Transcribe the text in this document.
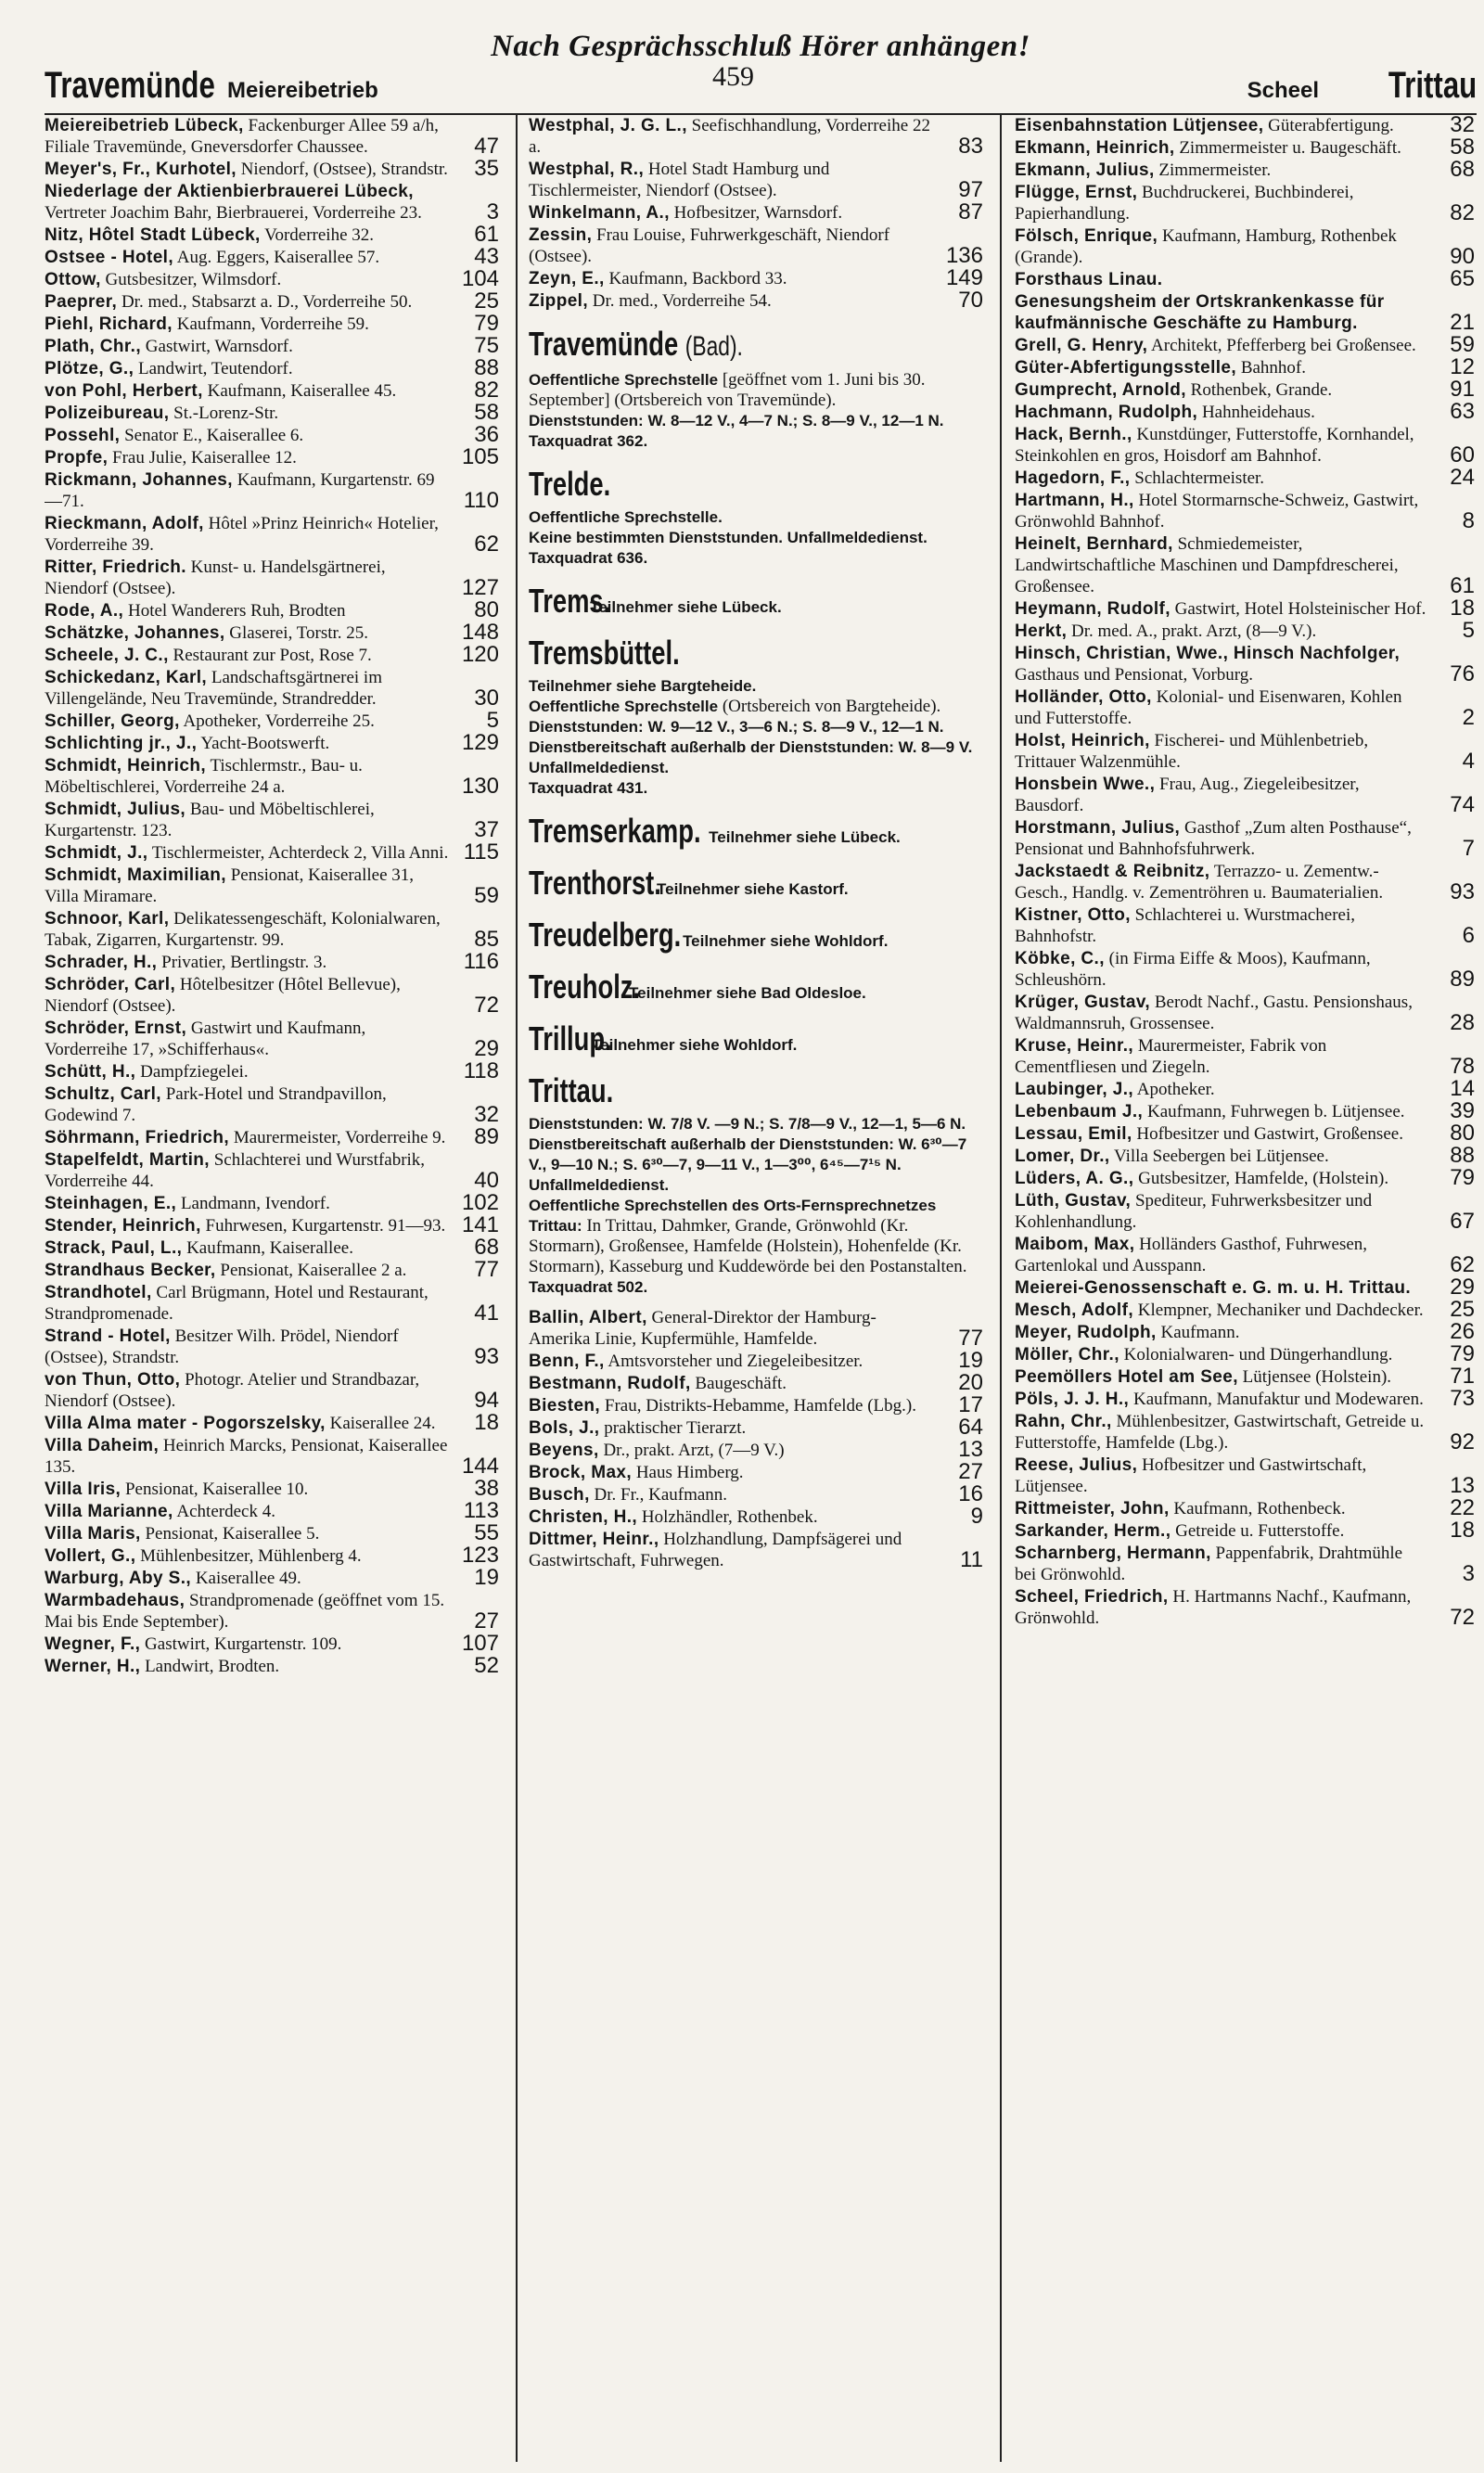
Nach Gesprächsschluß Hörer anhängen!
Travemünde Meiereibetrieb	459	Scheel Trittau
Meiereibetrieb Lübeck, Fackenburger Allee 59 a/h, Filiale Travemünde, Gneversdorfer Chaussee.	47
Meyer's, Fr., Kurhotel, Niendorf, (Ostsee), Strandstr. 35
Niederlage der Aktienbierbrauerei Lübeck, Vertreter Joachim Bahr, Bierbrauerei, Vorderreihe 23.	3
Nitz, Hôtel Stadt Lübeck, Vorderreihe 32.	61
Ostsee - Hotel, Aug. Eggers, Kaiserallee 57.	43
Ottow, Gutsbesitzer, Wilmsdorf.	104
Paeprer, Dr. med., Stabsarzt a. D., Vorderreihe 50.	25
Piehl, Richard, Kaufmann, Vorderreihe 59.	79
Plath, Chr., Gastwirt, Warnsdorf.	75
Plötze, G., Landwirt, Teutendorf.	88
von Pohl, Herbert, Kaufmann, Kaiserallee 45.	82
Polizeibureau, St.-Lorenz-Str.	58
Possehl, Senator E., Kaiserallee 6.	36
Propfe, Frau Julie, Kaiserallee 12.	105
Rickmann, Johannes, Kaufmann, Kurgartenstr. 69—71.	110
Rieckmann, Adolf, Hôtel »Prinz Heinrich« Hotelier, Vorderreihe 39.	62
Ritter, Friedrich. Kunst- u. Handelsgärtnerei, Niendorf (Ostsee).	127
Rode, A., Hotel Wanderers Ruh, Brodten	80
Schätzke, Johannes, Glaserei, Torstr. 25.	148
Scheele, J. C., Restaurant zur Post, Rose 7.	120
Schickedanz, Karl, Landschaftsgärtnerei im Villengelände, Neu Travemünde, Strandredder.	30
Schiller, Georg, Apotheker, Vorderreihe 25.	5
Schlichting jr., J., Yacht-Bootswerft.	129
Schmidt, Heinrich, Tischlermstr., Bau- u. Möbeltischlerei, Vorderreihe 24 a.	130
Schmidt, Julius, Bau- und Möbeltischlerei, Kurgartenstr. 123.	37
Schmidt, J., Tischlermeister, Achterdeck 2, Villa Anni. 115
Schmidt, Maximilian, Pensionat, Kaiserallee 31, Villa Miramare.	59
Schnoor, Karl, Delikatessengeschäft, Kolonialwaren, Tabak, Zigarren, Kurgartenstr. 99.	85
Schrader, H., Privatier, Bertlingstr. 3.	116
Schröder, Carl, Hôtelbesitzer (Hôtel Bellevue), Niendorf (Ostsee).	72
Schröder, Ernst, Gastwirt und Kaufmann, Vorderreihe 17, »Schifferhaus«.	29
Schütt, H., Dampfziegelei.	118
Schultz, Carl, Park-Hotel und Strandpavillon, Godewind 7.	32
Söhrmann, Friedrich, Maurermeister, Vorderreihe 9. 89
Stapelfeldt, Martin, Schlachterei und Wurstfabrik, Vorderreihe 44.	40
Steinhagen, E., Landmann, Ivendorf.	102
Stender, Heinrich, Fuhrwesen, Kurgartenstr. 91—93. 141
Strack, Paul, L., Kaufmann, Kaiserallee.	68
Strandhaus Becker, Pensionat, Kaiserallee 2 a.	77
Strandhotel, Carl Brügmann, Hotel und Restaurant, Strandpromenade.	41
Strand - Hotel, Besitzer Wilh. Prödel, Niendorf (Ostsee), Strandstr.	93
von Thun, Otto, Photogr. Atelier und Strandbazar, Niendorf (Ostsee).	94
Villa Alma mater - Pogorszelsky, Kaiserallee 24. 18
Villa Daheim, Heinrich Marcks, Pensionat, Kaiserallee 135.	144
Villa Iris, Pensionat, Kaiserallee 10.	38
Villa Marianne, Achterdeck 4.	113
Villa Maris, Pensionat, Kaiserallee 5.	55
Vollert, G., Mühlenbesitzer, Mühlenberg 4.	123
Warburg, Aby S., Kaiserallee 49.	19
Warmbadehaus, Strandpromenade (geöffnet vom 15. Mai bis Ende September).	27
Wegner, F., Gastwirt, Kurgartenstr. 109.	107
Werner, H., Landwirt, Brodten.	52
Westphal, J. G. L., Seefischhandlung, Vorderreihe 22 a.	83
Westphal, R., Hotel Stadt Hamburg und Tischlermeister, Niendorf (Ostsee).	97
Winkelmann, A., Hofbesitzer, Warnsdorf.	87
Zessin, Frau Louise, Fuhrwerkgeschäft, Niendorf (Ostsee).	136
Zeyn, E., Kaufmann, Backbord 33.	149
Zippel, Dr. med., Vorderreihe 54.	70
Travemünde (Bad).
Oeffentliche Sprechstelle [geöffnet vom 1. Juni bis 30. September] (Ortsbereich von Travemünde).
Dienststunden: W. 8—12 V., 4—7 N.; S. 8—9 V., 12—1 N.
Taxquadrat 362.
Trelde.
Oeffentliche Sprechstelle.
Keine bestimmten Dienststunden. Unfallmeldedienst.
Taxquadrat 636.
Trems.
Teilnehmer siehe Lübeck.
Tremsbüttel.
Teilnehmer siehe Bargteheide.
Oeffentliche Sprechstelle (Ortsbereich von Bargteheide).
Dienststunden: W. 9—12 V., 3—6 N.; S. 8—9 V., 12—1 N.
Dienstbereitschaft außerhalb der Dienststunden: W. 8—9 V. Unfallmeldedienst.
Taxquadrat 431.
Tremserkamp. Teilnehmer siehe Lübeck.
Trenthorst.
Teilnehmer siehe Kastorf.
Treudelberg. Teilnehmer siehe Wohldorf.
Treuholz.
Teilnehmer siehe Bad Oldesloe.
Trillup.
Teilnehmer siehe Wohldorf.
Trittau.
Dienststunden: W. 7/8 V. —9 N.; S. 7/8—9 V., 12—1, 5—6 N.
Dienstbereitschaft außerhalb der Dienststunden: W. 6³⁰—7 V., 9—10 N.; S. 6³⁰—7, 9—11 V., 1—3⁰⁰, 6⁴⁵—7¹⁵ N. Unfallmeldedienst.
Oeffentliche Sprechstellen des Orts-Fernsprechnetzes Trittau: In Trittau, Dahmker, Grande, Grönwohld (Kr. Stormarn), Großensee, Hamfelde (Holstein), Hohenfelde (Kr. Stormarn), Kasseburg und Kuddewörde bei den Postanstalten.
Taxquadrat 502.
Ballin, Albert, General-Direktor der Hamburg-Amerika Linie, Kupfermühle, Hamfelde.	77
Benn, F., Amtsvorsteher und Ziegeleibesitzer.	19
Bestmann, Rudolf, Baugeschäft.	20
Biesten, Frau, Distrikts-Hebamme, Hamfelde (Lbg.). 17
Bols, J., praktischer Tierarzt.	64
Beyens, Dr., prakt. Arzt, (7—9 V.)	13
Brock, Max, Haus Himberg.	27
Busch, Dr. Fr., Kaufmann.	16
Christen, H., Holzhändler, Rothenbek.	9
Dittmer, Heinr., Holzhandlung, Dampfsägerei und Gastwirtschaft, Fuhrwegen.	11
Eisenbahnstation Lütjensee, Güterabfertigung.	32
Ekmann, Heinrich, Zimmermeister u. Baugeschäft. 58
Ekmann, Julius, Zimmermeister.	68
Flügge, Ernst, Buchdruckerei, Buchbinderei, Papierhandlung.	82
Fölsch, Enrique, Kaufmann, Hamburg, Rothenbek (Grande).	90
Forsthaus Linau.	65
Genesungsheim der Ortskrankenkasse für kaufmännische Geschäfte zu Hamburg.	21
Grell, G. Henry, Architekt, Pfefferberg bei Großensee. 59
Güter-Abfertigungsstelle, Bahnhof.	12
Gumprecht, Arnold, Rothenbek, Grande.	91
Hachmann, Rudolph, Hahnheidehaus.	63
Hack, Bernh., Kunstdünger, Futterstoffe, Kornhandel, Steinkohlen en gros, Hoisdorf am Bahnhof.	60
Hagedorn, F., Schlachtermeister.	24
Hartmann, H., Hotel Stormarnsche-Schweiz, Gastwirt, Grönwohld Bahnhof.	8
Heinelt, Bernhard, Schmiedemeister, Landwirtschaftliche Maschinen und Dampfdrescherei, Großensee.	61
Heymann, Rudolf, Gastwirt, Hotel Holsteinischer Hof. 18
Herkt, Dr. med. A., prakt. Arzt, (8—9 V.).	5
Hinsch, Christian, Wwe., Hinsch Nachfolger, Gasthaus und Pensionat, Vorburg.	76
Holländer, Otto, Kolonial- und Eisenwaren, Kohlen und Futterstoffe.	2
Holst, Heinrich, Fischerei- und Mühlenbetrieb, Trittauer Walzenmühle.	4
Honsbein Wwe., Frau, Aug., Ziegeleibesitzer, Bausdorf.	74
Horstmann, Julius, Gasthof „Zum alten Posthause“, Pensionat und Bahnhofsfuhrwerk.	7
Jackstaedt & Reibnitz, Terrazzo- u. Zementw.-Gesch., Handlg. v. Zementröhren u. Baumaterialien.	93
Kistner, Otto, Schlachterei u. Wurstmacherei, Bahnhofstr.	6
Köbke, C., (in Firma Eiffe & Moos), Kaufmann, Schleushörn.	89
Krüger, Gustav, Berodt Nachf., Gastu. Pensionshaus, Waldmannsruh, Grossensee.	28
Kruse, Heinr., Maurermeister, Fabrik von Cementfliesen und Ziegeln.	78
Laubinger, J., Apotheker.	14
Lebenbaum J., Kaufmann, Fuhrwegen b. Lütjensee. 39
Lessau, Emil, Hofbesitzer und Gastwirt, Großensee. 80
Lomer, Dr., Villa Seebergen bei Lütjensee.	88
Lüders, A. G., Gutsbesitzer, Hamfelde, (Holstein).	79
Lüth, Gustav, Spediteur, Fuhrwerksbesitzer und Kohlenhandlung.	67
Maibom, Max, Holländers Gasthof, Fuhrwesen, Gartenlokal und Ausspann.	62
Meierei-Genossenschaft e. G. m. u. H. Trittau. 29
Mesch, Adolf, Klempner, Mechaniker und Dachdecker. 25
Meyer, Rudolph, Kaufmann.	26
Möller, Chr., Kolonialwaren- und Düngerhandlung.	79
Peemöllers Hotel am See, Lütjensee (Holstein).	71
Pöls, J. J. H., Kaufmann, Manufaktur und Modewaren. 73
Rahn, Chr., Mühlenbesitzer, Gastwirtschaft, Getreide u. Futterstoffe, Hamfelde (Lbg.).	92
Reese, Julius, Hofbesitzer und Gastwirtschaft, Lütjensee.	13
Rittmeister, John, Kaufmann, Rothenbeck.	22
Sarkander, Herm., Getreide u. Futterstoffe.	18
Scharnberg, Hermann, Pappenfabrik, Drahtmühle bei Grönwohld.	3
Scheel, Friedrich, H. Hartmanns Nachf., Kaufmann, Grönwohld.	72
